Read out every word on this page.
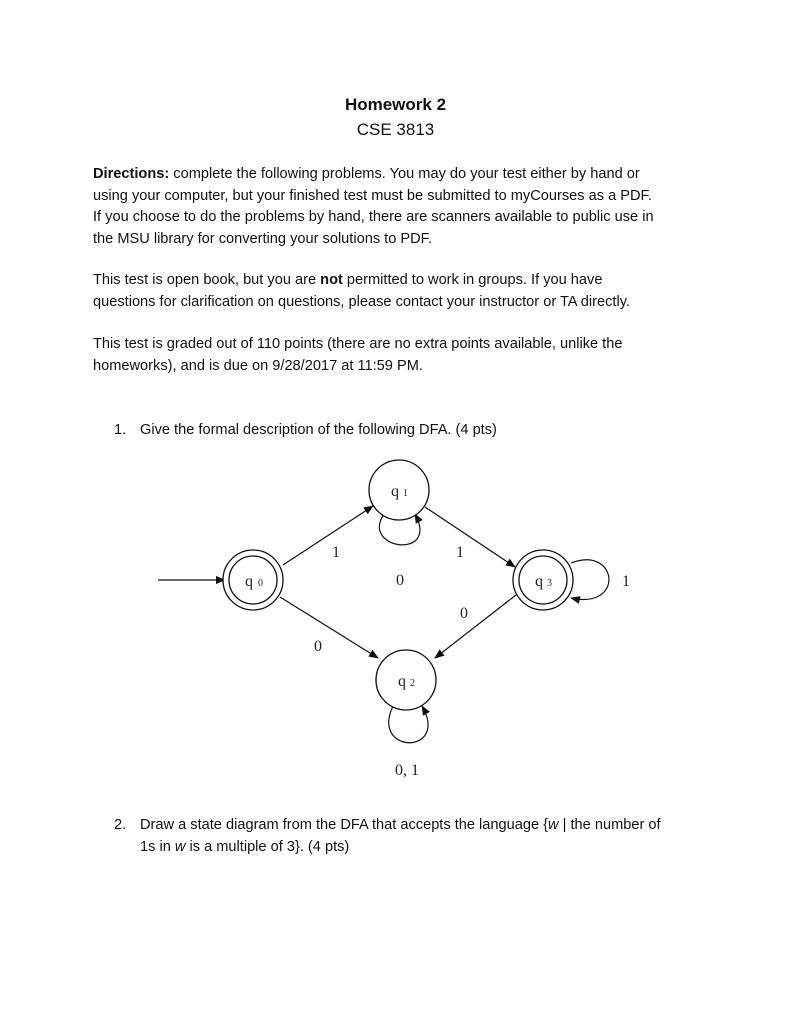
Homework 2
CSE 3813

Directions: complete the following problems. You may do your test either by hand or
using your computer, but your finished test must be submitted to myCourses as a PDF.
If you choose to do the problems by hand, there are scanners available to public use in
the MSU library for converting your solutions to PDF.

This test is open book, but you are not permitted to work in groups. If you have
questions for clarification on questions, please contact your instructor or TA directly.

This test is graded out of 110 points (there are no extra points available, unlike the
homeworks), and is due on 9/28/2017 at 11:59 PM.

1. Give the formal description of the following DFA. (4 pts)
q 0
q 1
q 2
q 3
1
0
1
1
0
0
0, 1
2. Draw a state diagram from the DFA that accepts the language {w | the number of
1s in w is a multiple of 3}. (4 pts)
